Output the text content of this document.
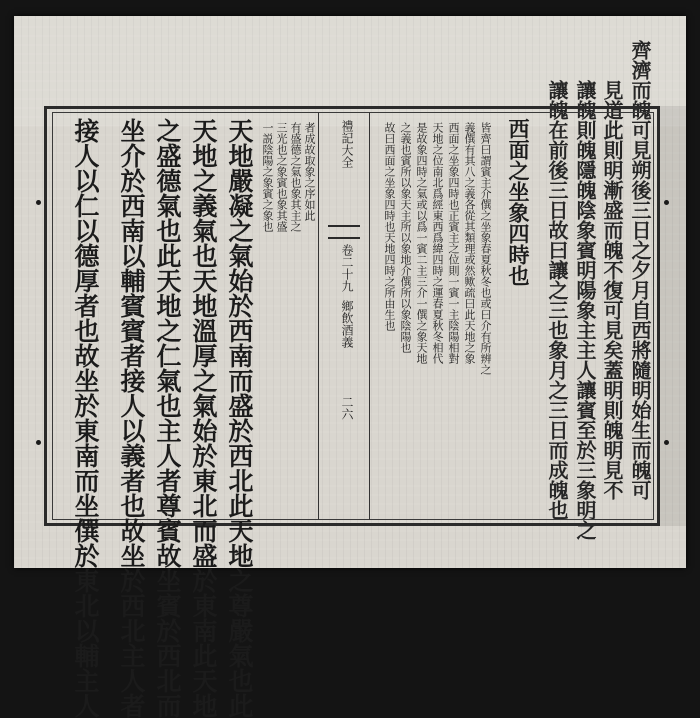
齊濟而魄可見朔後三日之夕月自西將隨明始生而魄可
見道此則明漸盛而魄不復可見矣蓋明則魄明見不
讓魄則魄隱魄陰象賓明陽象主主人讓賓至於三象明之
讓魄在前後三日故曰讓之三也象月之三日而成魄也
西面之坐象四時也
皆齊曰謂賓主介僎之坐象春夏秋冬也或曰介有所辨之
義僎有其八之義各從其類理或然歟疏曰此天地之象
西面之坐象四時也正賓主之位則一賓一主陰陽相對
天地之位南北爲經東西爲緯四時之運春夏秋冬相代
是故象四時之氣或以爲一賓二主三介一僎之象天地
之義也賓所以象天主所以象地介僎所以象陰陽也
故曰西面之坐象四時也天地四時之所由生也
禮記大全
卷二十九
鄉飲酒義
二六
者成故取象之序如此
有盛德之氣也象其主之
三光也之象賓也象其盛
一説陰陽之象賓之象也
天地嚴凝之氣始於西南而盛於西北此天地之尊嚴氣也此
天地之義氣也天地溫厚之氣始於東北而盛於東南此天地
之盛德氣也此天地之仁氣也主人者尊賓故坐賓於西北而
坐介於西南以輔賓賓者接人以義者也故坐於西北主人者
接人以仁以德厚者也故坐於東南而坐僎於東北以輔主人
